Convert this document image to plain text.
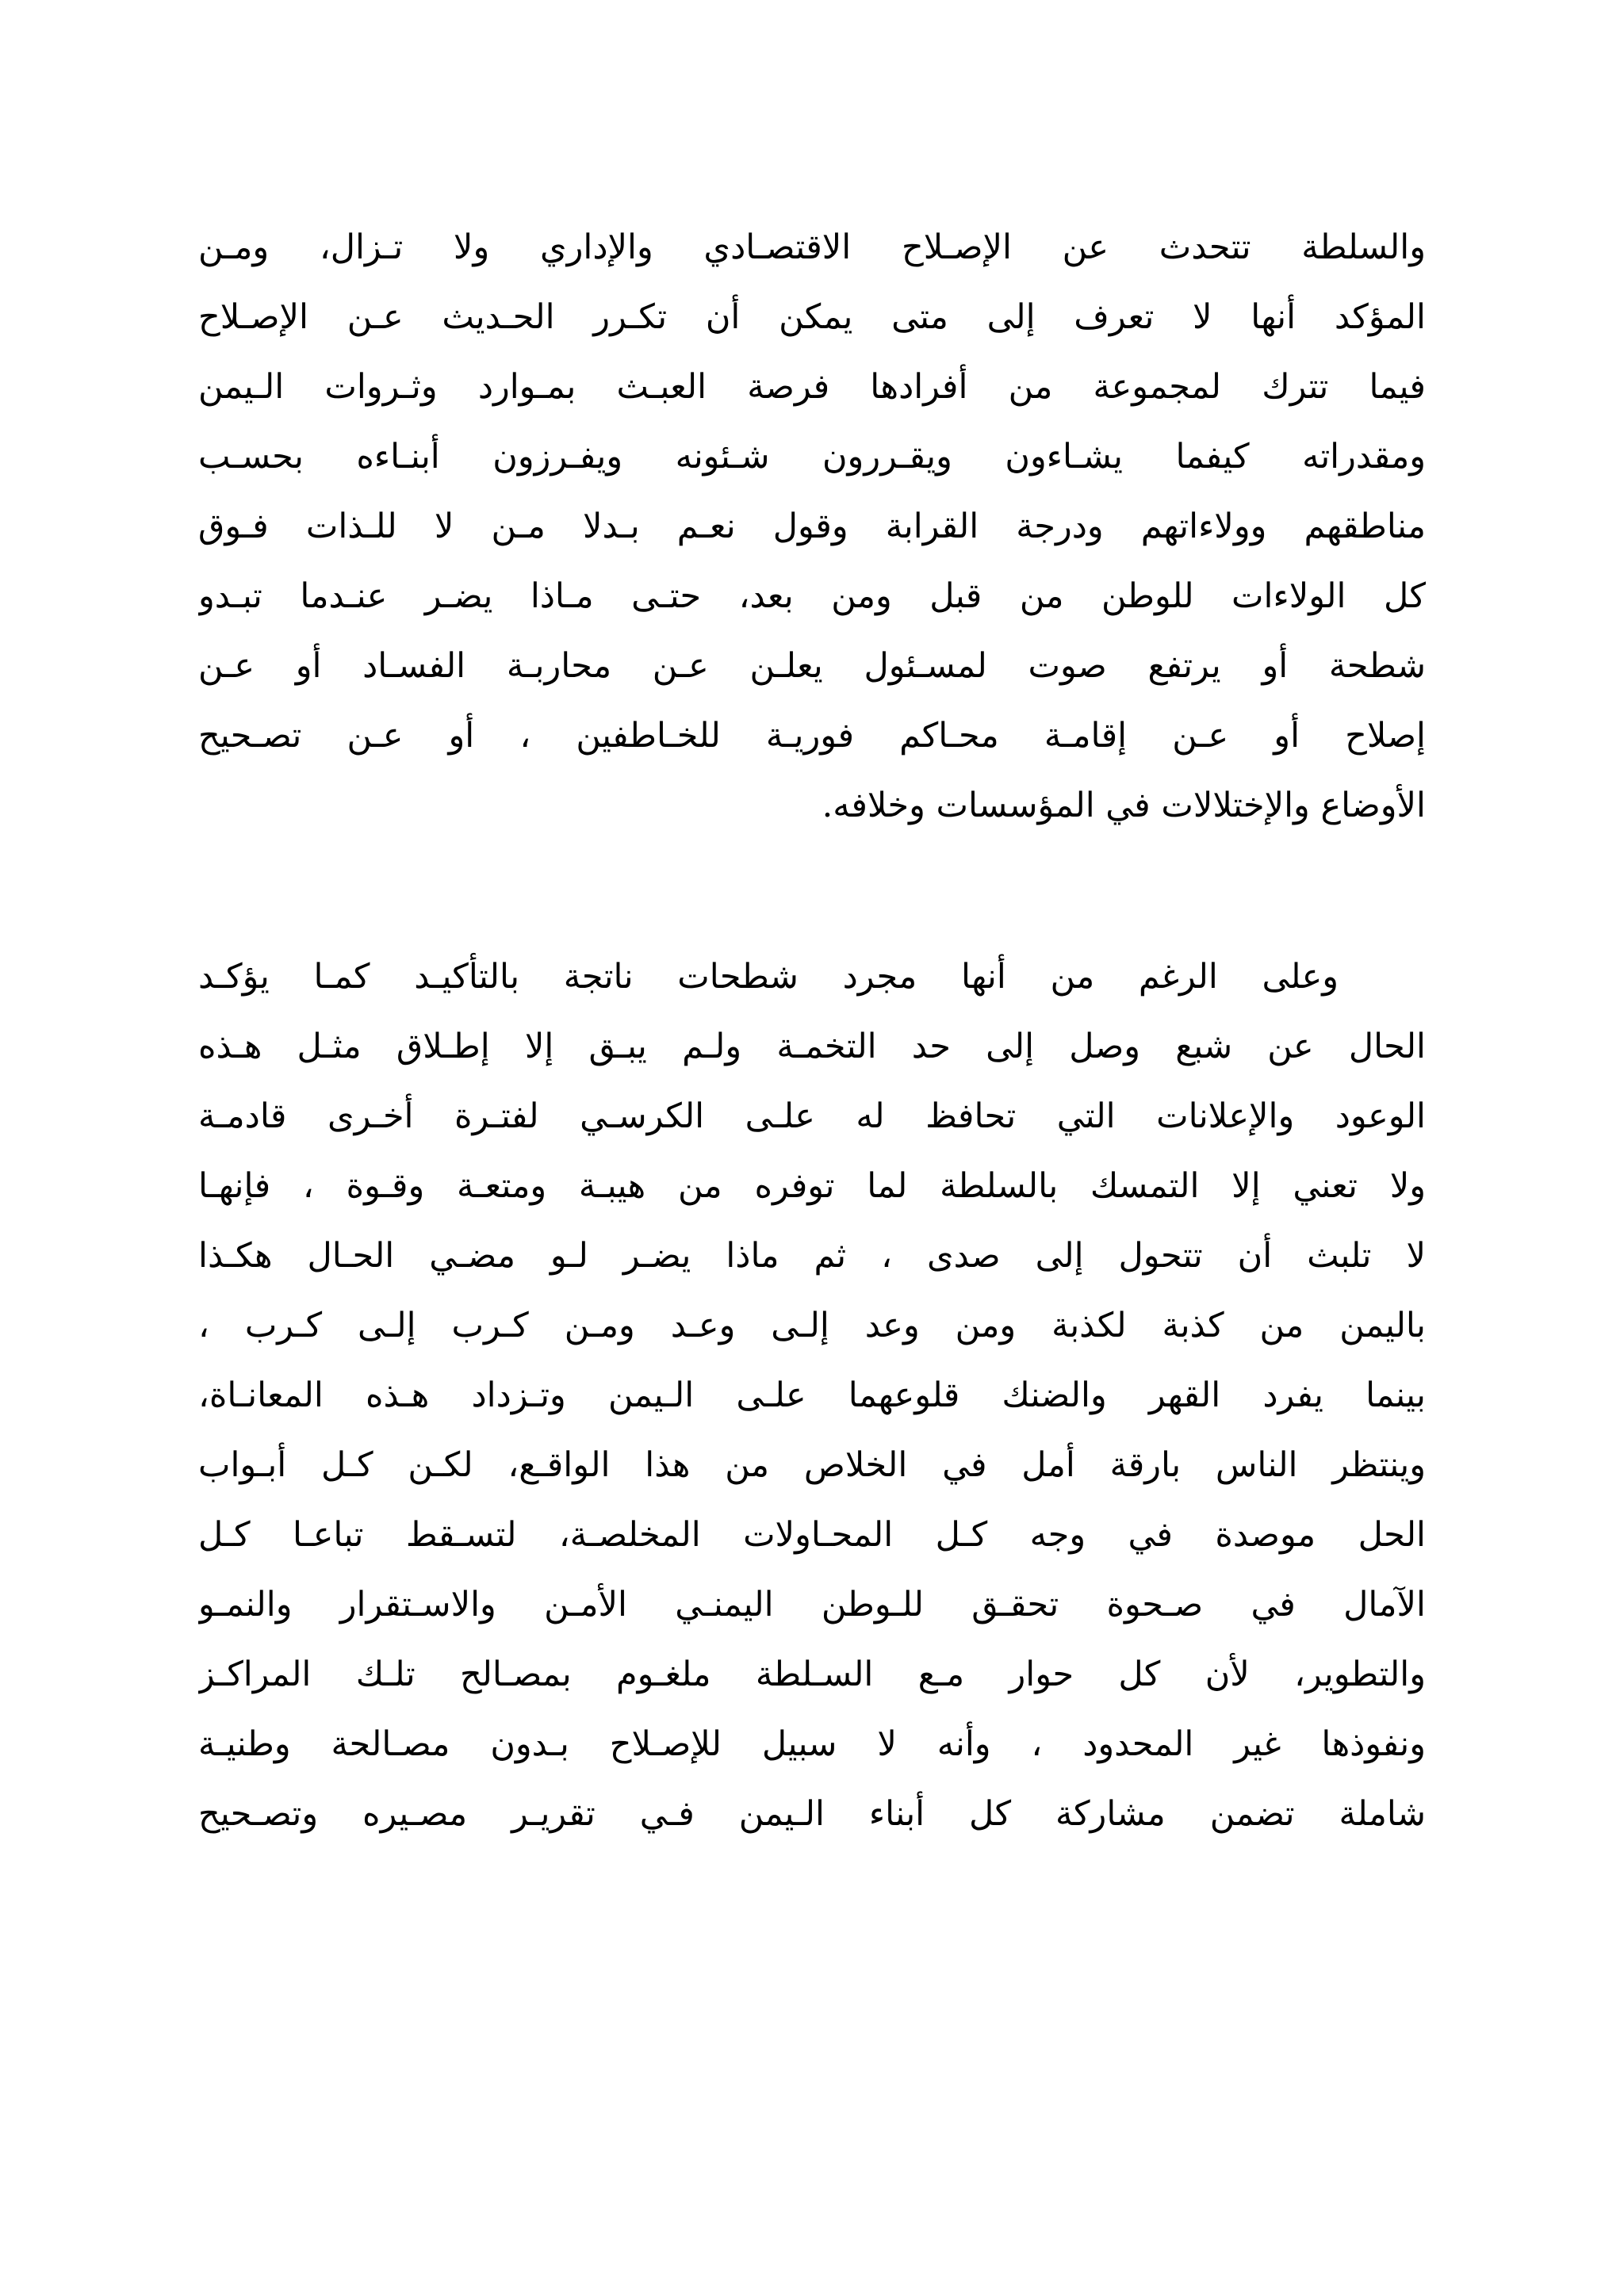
والسلطة تتحدث عن الإصـلاح الاقتصـادي والإداري ولا تـزال، ومـن
المؤكد أنها لا تعرف إلى متى يمكن أن تكـرر الحـديث عـن الإصـلاح
فيما تترك لمجموعة من أفرادها فرصة العبـث بمـوارد وثـروات الـيمن
ومقدراته كيفما يشـاءون ويقـررون شـئونه ويفـرزون أبنـاءه بحسـب
مناطقهم وولاءاتهم ودرجة القرابة وقول نعـم بـدلا مـن لا للـذات فـوق
كل الولاءات للوطن من قبل ومن بعد، حتـى مـاذا يضـر عنـدما تبـدو
شطحة أو يرتفع صوت لمسـئول يعلـن عـن محاربـة الفسـاد أو عـن
إصلاح أو عـن إقامـة محـاكم فوريـة للخـاطفين ، أو عـن تصـحيح
الأوضاع والإختلالات في المؤسسات وخلافه.
وعلى الرغم من أنها مجرد شطحات ناتجة بالتأكيـد كمـا يؤكـد
الحال عن شبع وصل إلى حد التخمـة ولـم يبـق إلا إطـلاق مثـل هـذه
الوعود والإعلانات التي تحافظ له علـى الكرسـي لفتـرة أخـرى قادمـة
ولا تعني إلا التمسك بالسلطة لما توفره من هيبـة ومتعـة وقـوة ، فإنهـا
لا تلبث أن تتحول إلى صدى ، ثم ماذا يضـر لـو مضـي الحـال هكـذا
باليمن من كذبة لكذبة ومن وعد إلـى وعـد ومـن كـرب إلـى كـرب ،
بينما يفرد القهر والضنك قلوعهما علـى الـيمن وتـزداد هـذه المعانـاة،
وينتظر الناس بارقة أمل في الخلاص من هذا الواقـع، لكـن كـل أبـواب
الحل موصدة في وجه كـل المحـاولات المخلصـة، لتسـقط تباعـا كـل
الآمال في صـحوة تحقـق للـوطن اليمنـي الأمـن والاسـتقرار والنمـو
والتطوير، لأن كل حوار مـع السـلطة ملغـوم بمصـالح تلـك المراكـز
ونفوذها غير المحدود ، وأنه لا سبيل للإصـلاح بـدون مصـالحة وطنيـة
شاملة تضمن مشاركة كل أبناء الـيمن فـي تقريـر مصـيره وتصـحيح
